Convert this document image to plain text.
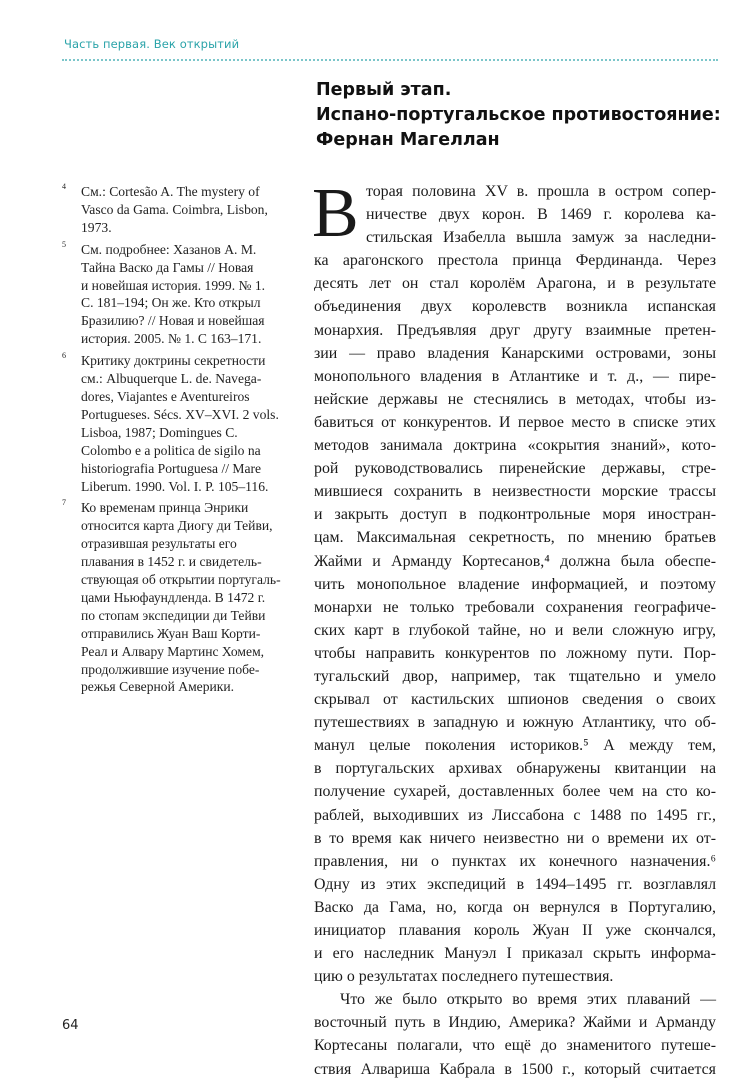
Часть первая. Век открытий
Первый этап.
Испано-португальское противостояние:
Фернан Магеллан
4 См.: Cortesão A. The mystery of
Vasco da Gama. Coimbra, Lisbon,
1973.
5 См. подробнее: Хазанов А. М.
Тайна Васко да Гамы // Новая
и новейшая история. 1999. № 1.
С. 181–194; Он же. Кто открыл
Бразилию? // Новая и новейшая
история. 2005. № 1. С 163–171.
6 Критику доктрины секретности
см.: Albuquerque L. de. Navega-
dores, Viajantes e Aventureiros
Portugueses. Sécs. XV–XVI. 2 vols.
Lisboa, 1987; Domingues C.
Colombo e a politica de sigilo na
historiografia Portuguesa // Mare
Liberum. 1990. Vol. I. P. 105–116.
7 Ко временам принца Энрики
относится карта Диогу ди Тейви,
отразившая результаты его
плавания в 1452 г. и свидетель-
ствующая об открытии португаль-
цами Ньюфаундленда. В 1472 г.
по стопам экспедиции ди Тейви
отправились Жуан Ваш Корти-
Реал и Алвару Мартинс Хомем,
продолжившие изучение побе-
режья Северной Америки.
В торая половина XV в. прошла в остром сопер-
ничестве двух корон. В 1469 г. королева ка-
стильская Изабелла вышла замуж за наследни-
ка арагонского престола принца Фердинанда. Через
десять лет он стал королём Арагона, и в результате
объединения двух королевств возникла испанская
монархия. Предъявляя друг другу взаимные претен-
зии — право владения Канарскими островами, зоны
монопольного владения в Атлантике и т. д., — пире-
нейские державы не стеснялись в методах, чтобы из-
бавиться от конкурентов. И первое место в списке этих
методов занимала доктрина «сокрытия знаний», кото-
рой руководствовались пиренейские державы, стре-
мившиеся сохранить в неизвестности морские трассы
и закрыть доступ в подконтрольные моря иностран-
цам. Максимальная секретность, по мнению братьев
Жайми и Арманду Кортесанов,⁴ должна была обеспе-
чить монопольное владение информацией, и поэтому
монархи не только требовали сохранения географиче-
ских карт в глубокой тайне, но и вели сложную игру,
чтобы направить конкурентов по ложному пути. Пор-
тугальский двор, например, так тщательно и умело
скрывал от кастильских шпионов сведения о своих
путешествиях в западную и южную Атлантику, что об-
манул целые поколения историков.⁵ А между тем,
в португальских архивах обнаружены квитанции на
получение сухарей, доставленных более чем на сто ко-
раблей, выходивших из Лиссабона с 1488 по 1495 гг.,
в то время как ничего неизвестно ни о времени их от-
правления, ни о пунктах их конечного назначения.⁶
Одну из этих экспедиций в 1494–1495 гг. возглавлял
Васко да Гама, но, когда он вернулся в Португалию,
инициатор плавания король Жуан II уже скончался,
и его наследник Мануэл I приказал скрыть информа-
цию о результатах последнего путешествия.
Что же было открыто во время этих плаваний —
восточный путь в Индию, Америка? Жайми и Арманду
Кортесаны полагали, что ещё до знаменитого путеше-
ствия Алвариша Кабрала в 1500 г., который считается
64
